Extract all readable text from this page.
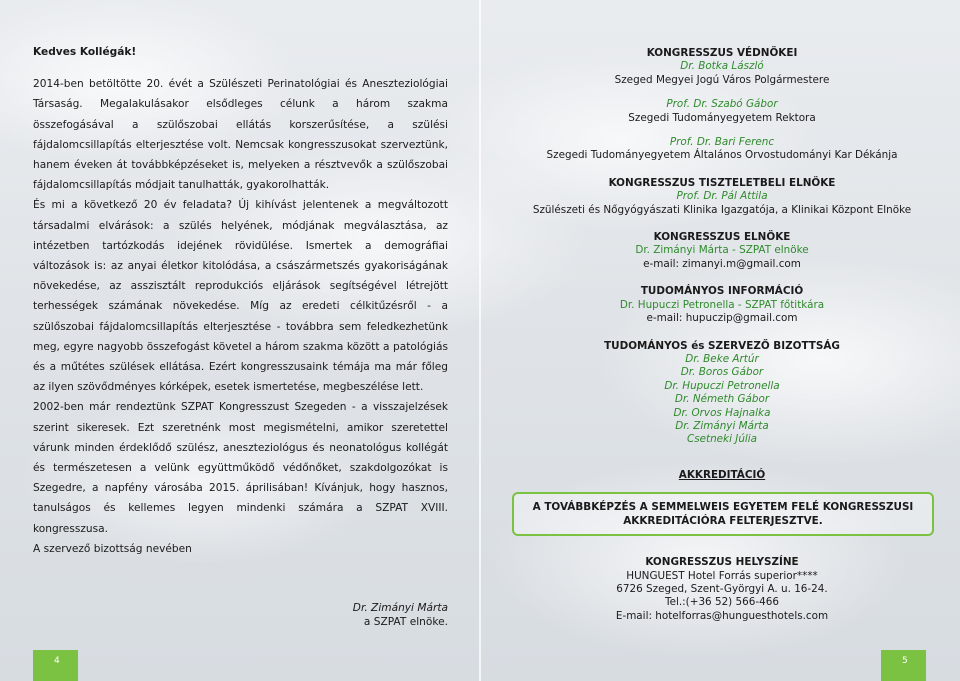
Kedves Kollégák!

2014-ben betöltötte 20. évét a Szülészeti Perinatológiai és Aneszteziológiai Társaság. Megalakulásakor elsődleges célunk a három szakma összefogásával a szülőszobai ellátás korszerűsítése, a szülési fájdalomcsillapítás elterjesztése volt. Nemcsak kongresszusokat szerveztünk, hanem éveken át továbbképzéseket is, melyeken a résztvevők a szülőszobai fájdalomcsillapítás módjait tanulhatták, gyakorolhatták.

És mi a következő 20 év feladata? Új kihívást jelentenek a megváltozott társadalmi elvárások: a szülés helyének, módjának megválasztása, az intézetben tartózkodás idejének rövidülése. Ismertek a demográfiai változások is: az anyai életkor kitolódása, a császármetszés gyakoriságának növekedése, az asszisztált reprodukciós eljárások segítségével létrejött terhességek számának növekedése. Míg az eredeti célkitűzésről - a szülőszobai fájdalomcsillapítás elterjesztése - továbbra sem feledkezhetünk meg, egyre nagyobb összefogást követel a három szakma között a patológiás és a műtétes szülések ellátása. Ezért kongresszusaink témája ma már főleg az ilyen szövődményes kórképek, esetek ismertetése, megbeszélése lett.

2002-ben már rendeztünk SZPAT Kongresszust Szegeden - a visszajelzések szerint sikeresek. Ezt szeretnénk most megismételni, amikor szeretettel várunk minden érdeklődő szülész, aneszteziológus és neonatológus kollégát és természetesen a velünk együttműködő védőnőket, szakdolgozókat is Szegedre, a napfény városába 2015. áprilisában! Kívánjuk, hogy hasznos, tanulságos és kellemes legyen mindenki számára a SZPAT XVIII. kongresszusa.

A szervező bizottság nevében

Dr. Zimányi Márta

a SZPAT elnöke.

KONGRESSZUS VÉDNÖKEI
Dr. Botka László
Szeged Megyei Jogú Város Polgármestere
Prof. Dr. Szabó Gábor
Szegedi Tudományegyetem Rektora
Prof. Dr. Bari Ferenc
Szegedi Tudományegyetem Általános Orvostudományi Kar Dékánja
KONGRESSZUS TISZTELETBELI ELNÖKE
Prof. Dr. Pál Attila
Szülészeti és Nőgyógyászati Klinika Igazgatója, a Klinikai Központ Elnöke
KONGRESSZUS ELNÖKE
Dr. Zimányi Márta - SZPAT elnöke
e-mail: zimanyi.m@gmail.com
TUDOMÁNYOS INFORMÁCIÓ
Dr. Hupuczi Petronella - SZPAT főtitkára
e-mail: hupuczip@gmail.com
TUDOMÁNYOS és SZERVEZŐ BIZOTTSÁG
Dr. Beke Artúr
Dr. Boros Gábor
Dr. Hupuczi Petronella
Dr. Németh Gábor
Dr. Orvos Hajnalka
Dr. Zimányi Márta
Csetneki Júlia
AKKREDITÁCIÓ
A TOVÁBBKÉPZÉS A SEMMELWEIS EGYETEM FELÉ KONGRESSZUSI
AKKREDITÁCIÓRA FELTERJESZTVE.
KONGRESSZUS HELYSZÍNE
HUNGUEST Hotel Forrás superior****
6726 Szeged, Szent-Györgyi A. u. 16-24.
Tel.:(+36 52) 566-466
E-mail: hotelforras@hunguesthotels.com
4	5
